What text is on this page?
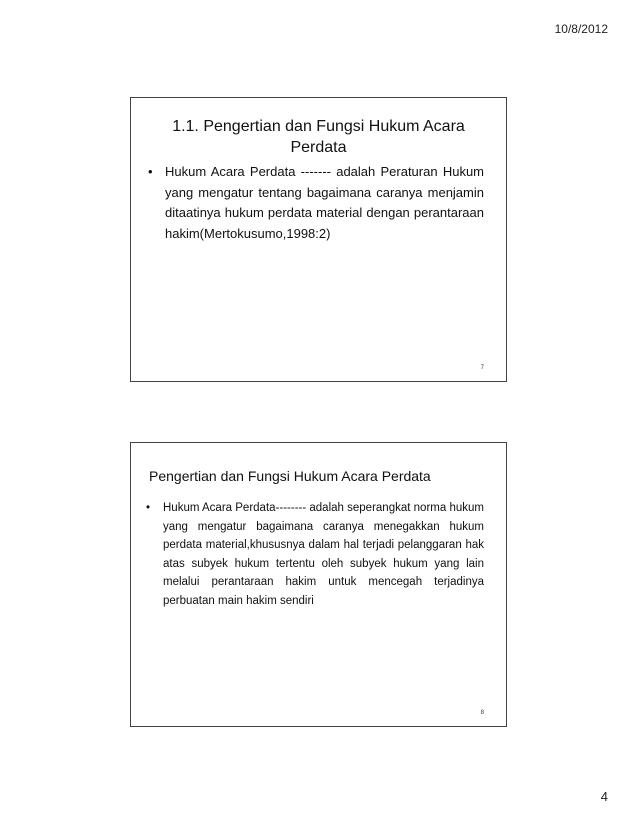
10/8/2012
1.1. Pengertian dan Fungsi Hukum Acara Perdata
• Hukum Acara Perdata ------- adalah Peraturan Hukum yang mengatur tentang bagaimana caranya menjamin ditaatinya hukum perdata material dengan perantaraan hakim(Mertokusumo,1998:2)
7
Pengertian dan Fungsi Hukum Acara Perdata
• Hukum Acara Perdata-------- adalah seperangkat norma hukum yang mengatur bagaimana caranya menegakkan hukum perdata material,khususnya dalam hal terjadi pelanggaran hak atas subyek hukum tertentu oleh subyek hukum yang lain melalui perantaraan hakim untuk mencegah terjadinya perbuatan main hakim sendiri
8
4
